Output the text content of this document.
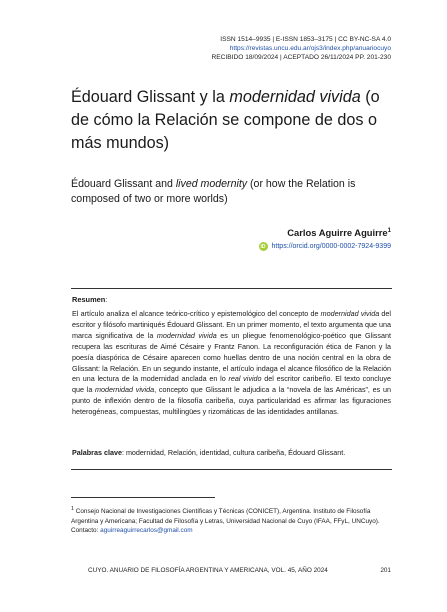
ISSN 1514–9935 | E-ISSN 1853–3175 | CC BY-NC-SA 4.0
https://revistas.uncu.edu.ar/ojs3/index.php/anuariocuyo
RECIBIDO 18/09/2024 | ACEPTADO 26/11/2024 PP. 201-230
Édouard Glissant y la modernidad vivida (o de cómo la Relación se compone de dos o más mundos)

Édouard Glissant and lived modernity (or how the Relation is composed of two or more worlds)

Carlos Aguirre Aguirre$^1$
iD https://orcid.org/0000-0002-7924-9399
Resumen:

El artículo analiza el alcance teórico-crítico y epistemológico del concepto de modernidad vivida del escritor y filósofo martiniqués Édouard Glissant. En un primer momento, el texto argumenta que una marca significativa de la modernidad vivida es un pliegue fenomenológico-poético que Glissant recupera las escrituras de Aimé Césaire y Frantz Fanon. La reconfiguración ética de Fanon y la poesía diaspórica de Césaire aparecen como huellas dentro de una noción central en la obra de Glissant: la Relación. En un segundo instante, el artículo indaga el alcance filosófico de la Relación en una lectura de la modernidad anclada en lo real vivido del escritor caribeño. El texto concluye que la modernidad vivida, concepto que Glissant le adjudica a la “novela de las Américas”, es un punto de inflexión dentro de la filosofía caribeña, cuya particularidad es afirmar las figuraciones heterogéneas, compuestas, multilingües y rizomáticas de las identidades antillanas.

Palabras clave: modernidad, Relación, identidad, cultura caribeña, Édouard Glissant.

$^1$ Consejo Nacional de Investigaciones Científicas y Técnicas (CONICET), Argentina. Instituto de Filosofía Argentina y Americana; Facultad de Filosofía y Letras, Universidad Nacional de Cuyo (IFAA, FFyL, UNCuyo). Contacto: aguirreaguirrecarlos@gmail.com

CUYO. ANUARIO DE FILOSOFÍA ARGENTINA Y AMERICANA, VOL. 45, AÑO 2024	201
